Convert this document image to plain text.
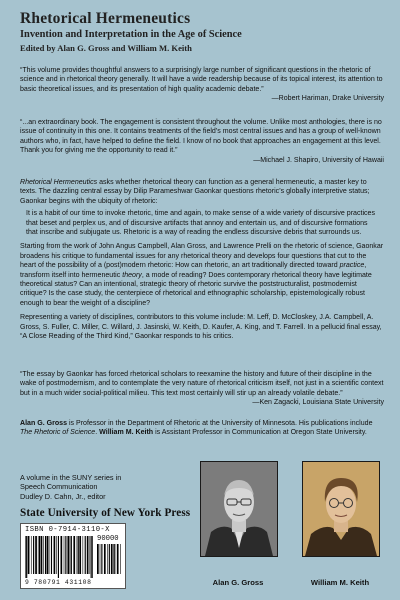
Rhetorical Hermeneutics
Invention and Interpretation in the Age of Science
Edited by Alan G. Gross and William M. Keith

“This volume provides thoughtful answers to a surprisingly large number of significant questions in the rhetoric of science and in rhetorical theory generally. It will have a wide readership because of its topical interest, its attention to basic theoretical issues, and its presentation of high quality academic debate.”

—Robert Hariman, Drake University

“...an extraordinary book. The engagement is consistent throughout the volume. Unlike most anthologies, there is no issue of continuity in this one. It contains treatments of the field’s most central issues and has a group of well-known authors who, in fact, have helped to define the field. I know of no book that approaches an engagement at this level. Thank you for giving me the opportunity to read it.”

—Michael J. Shapiro, University of Hawaii

Rhetorical Hermeneutics asks whether rhetorical theory can function as a general hermeneutic, a master key to texts. The dazzling central essay by Dilip Parameshwar Gaonkar questions rhetoric’s globally interpretive status; Gaonkar begins with the ubiquity of rhetoric:

It is a habit of our time to invoke rhetoric, time and again, to make sense of a wide variety of discursive practices that beset and perplex us, and of discursive artifacts that annoy and entertain us, and of discursive formations that inscribe and subjugate us. Rhetoric is a way of reading the endless discursive debris that surrounds us.

Starting from the work of John Angus Campbell, Alan Gross, and Lawrence Prelli on the rhetoric of science, Gaonkar broadens his critique to fundamental issues for any rhetorical theory and develops four questions that cut to the heart of the possibility of a (post)modern rhetoric: How can rhetoric, an art traditionally directed toward practice, transform itself into hermeneutic theory, a mode of reading? Does contemporary rhetorical theory have legitimate theoretical status? Can an intentional, strategic theory of rhetoric survive the poststructuralist, postmodernist critique? Is the case study, the centerpiece of rhetorical and ethnographic scholarship, epistemologically robust enough to bear the weight of a discipline?

Representing a variety of disciplines, contributors to this volume include: M. Leff, D. McCloskey, J.A. Campbell, A. Gross, S. Fuller, C. Miller, C. Willard, J. Jasinski, W. Keith, D. Kaufer, A. King, and T. Farrell. In a pellucid final essay, “A Close Reading of the Third Kind,” Gaonkar responds to his critics.

“The essay by Gaonkar has forced rhetorical scholars to reexamine the history and future of their discipline in the wake of postmodernism, and to contemplate the very nature of rhetorical criticism itself, not just in a scientific context but in a much wider social-political milieu. This text most certainly will stir up an already volatile debate.”

—Ken Zagacki, Louisiana State University

Alan G. Gross is Professor in the Department of Rhetoric at the University of Minnesota. His publications include The Rhetoric of Science. William M. Keith is Assistant Professor in Communication at Oregon State University.

A volume in the SUNY series in
Speech Communication
Dudley D. Cahn, Jr., editor
State University of New York Press
ISBN 0-7914-3110-X
90000
9 780791 431108	Alan G. Gross	William M. Keith
